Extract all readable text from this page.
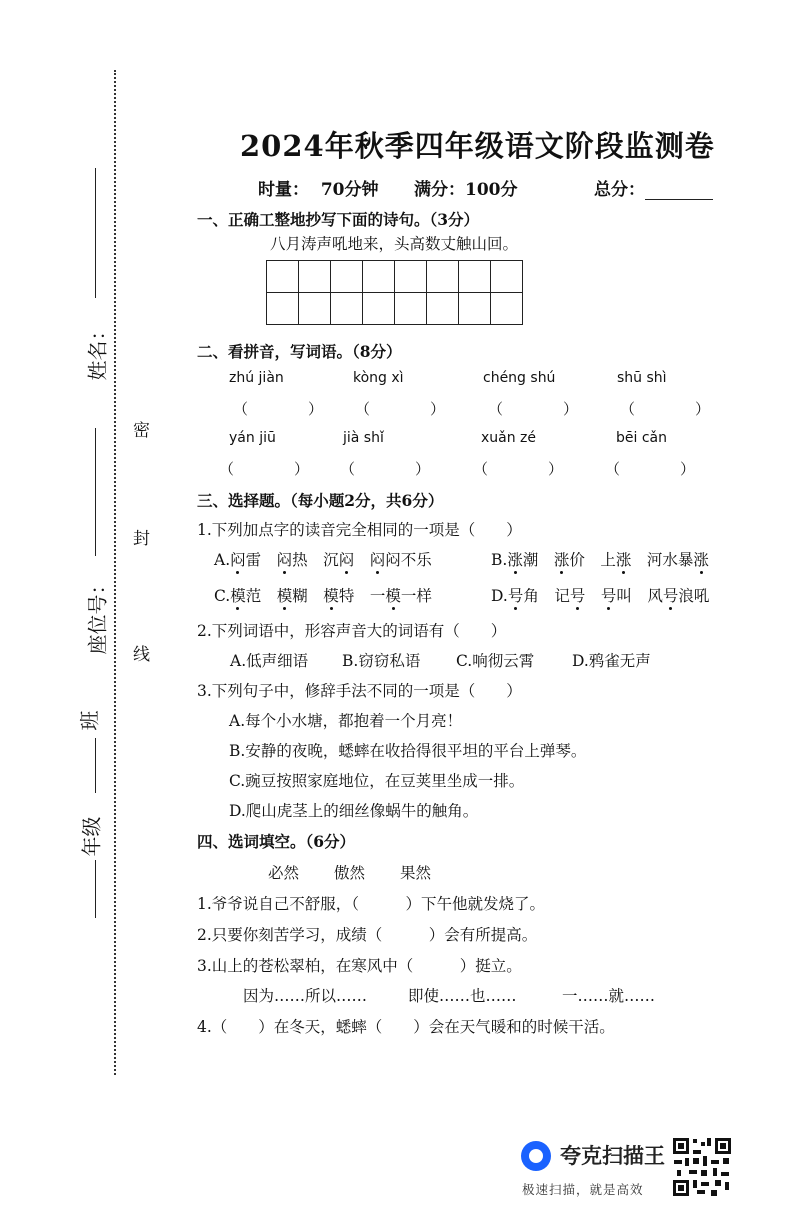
姓名：
座位号：
班
年级
密
封
线
2024年秋季四年级语文阶段监测卷
时量： 70分钟 满分：100分	总分：
一、正确工整地抄写下面的诗句。（3分）
八月涛声吼地来，头高数丈触山回。

二、看拼音，写词语。（8分）
zhú jiàn	kòng xì	chéng shú	shū shì
（　　　　） （　　　　）	（　　　　）	（　　　　）
yán jiū	jià shǐ	xuǎn zé	bēi cǎn
（　　　　） （　　　　）	（　　　　）	（　　　　）
三、选择题。（每小题2分，共6分）
1.下列加点字的读音完全相同的一项是（　　）
A.闷雷　闷热　沉闷　 闷闷不乐	B.涨潮　涨价　上涨　河水暴涨
C.模范　模糊　模特　一模一样	D.号角　记号　 号叫　风号浪吼
2.下列词语中，形容声音大的词语有（　　）
A.低声细语 B.窃窃私语 C.响彻云霄 D.鸦雀无声
3.下列句子中，修辞手法不同的一项是（　　）
A.每个小水塘，都抱着一个月亮！
B.安静的夜晚，蟋蟀在收拾得很平坦的平台上弹琴。
C.豌豆按照家庭地位，在豆荚里坐成一排。
D.爬山虎茎上的细丝像蜗牛的触角。
四、选词填空。（6分）
必然 傲然 果然
1.爷爷说自己不舒服，（　　　）下午他就发烧了。
2.只要你刻苦学习，成绩（　　　）会有所提高。
3.山上的苍松翠柏，在寒风中（　　　）挺立。
因为……所以……	即使……也……	一……就……
4.（　　）在冬天，蟋蟀（　　）会在天气暖和的时候干活。
夸克扫描王
极速扫描，就是高效
